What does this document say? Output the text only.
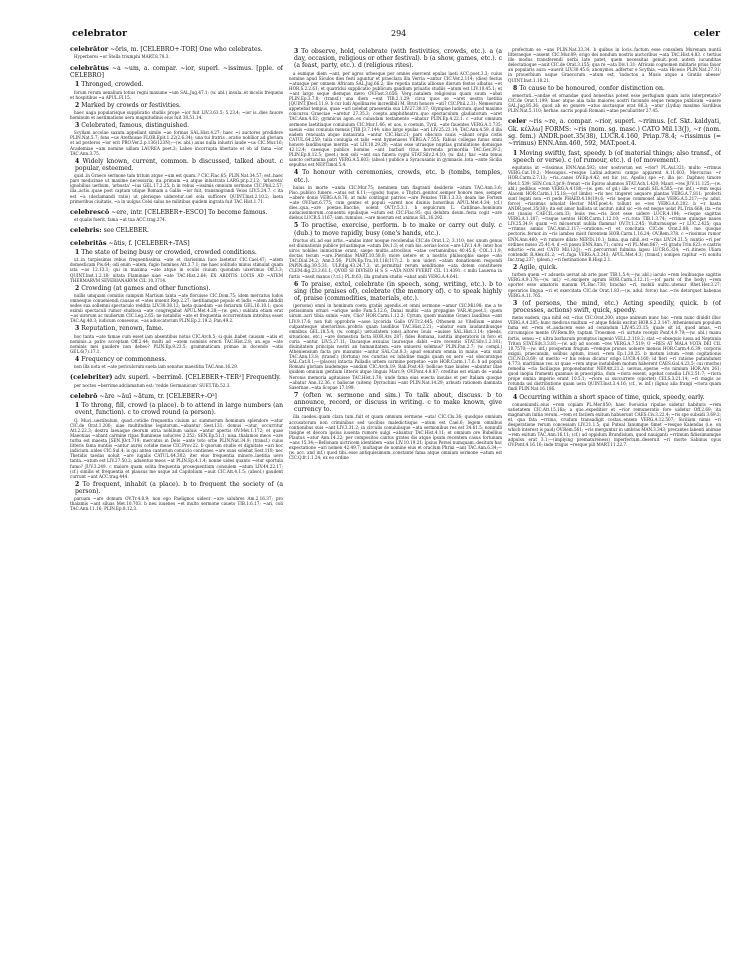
celebrator	294	celer

celebrātor ~ōris, m. [CELEBRO+-TOR] One who celebrates.

Hyperborei ~or Stella triumphi MART.8.78.3.

celebrātus ~a ~um, a. compar. ~ior, superl. ~issimus. [pple. of CELEBRO]

1 Thronged, crowded.

forum rerum uenalium totius regni maxume ~um SAL.Jug.47.1; (w. abl.) insula..et incolis frequens et hospitibus ~a APUL.Fl.15.

2 Marked by crowds or festivities.

haec uaga popularisque supplicatio studiis prope ~ior fuit LIV.3.63.5; 5.23.4; ~ior is..dies fauore hominum et aestimatione uera magnitudinis eius fuit 38.51.14.

3 Celebrated, famous, distinguished.

Scyllam accolae saxum..appellant simile ~ae formas SAL.Hist.4.27; haec ~i auctores prodidere PLIN.Nat.5.7; fons ~us Arethusae FLOR.Epit.1.22(2.6.34); una tui fratris ..oratio nobilior ad gloriam et ad posteros ~ior erit PRO.Ver.2.p.136(123N);—(w. abl.) auus nulla inlustri laude ~us CIC.Mur.16; Academiae ~am nomine uillam LAUREA poet.3; Labeo incorrupta libertate et ob id fama ~ior TAC.Ann.3.75.

4 Widely known, current, common. b discussed, talked about. c popular, esteemed.

quid..in Graeco sermone tam tritum atque ~um est quam..? CIC.Flac.65; PLIN.Nat.34.57; est..haec pars medicinae ut maxime necessaria, ita..primum ~a atque inlustrata LARG.pr.p.2,l.2; 'arboreta' ignobilius uerbum, 'arbusta' ~ius GEL.17.2.25. b in rebus ~issimis omnium sermone CIC.Phil.2.57; illa..actio..quae post captam utique Romam a Gallis ~ior fuit, transmigrandi Veios LIV.5.24.7. c ita est ~a (declamandi ratio) ut plerisque uideretur..uel sola sufficere QUINT.Inst.2.10.2; laeta primoribus ciuitatis, ~a in uulgus Celsi salus ne militibus quidem ingrata fuit TAC.Hist.1.71.

celebrescō ~ere, intr. [CELEBER+-ESCO] To become famous.

et qualis fuerit, fama ~at tua ACC.trag.274.

celebris: see CELEBER.

celebritās ~ātis, f. [CELEBER+-TAS]

1 The state of being busy or crowded, crowded conditions.

ut..in turpissimis rebus frequentissima ~ate et clarissima luce laetetur CIC.Cael.47; ~atem domesticam Pis.64; odi enim ~atem, fugio homines Att.3.7.1; me haec solitudo minus stimulat quam ista ~as 12.13.1; qui in maxima ~ate atque in oculis ciuium quondam uixerimus Off.3.3; QUINT.Inst.1.2.18; uitata Flaminiae uiae ~ate TAC.Hist.2.64; EX ABDITIS LOCIS AD ~ATEM THERMARVM SEVERIANARVM CIL 10.3714.

2 Crowding (at games and other functions).

nullis umquam comitiis campum Martium tanta ~ate floruisse CIC.Dom.75; idem mercatus ludos omnesque conueniendi causas et ~ates inuenit Rep.2.27; laetitiamque populo et ludis ~atem addidit sedes sua sollemni spectaculo reddita LIV.30.38.12; laeta quaedam ~as feriarum GEL.16.10.1; quos eximii spectaculi rumor studiosa ~ate congregabat APUL.Met.4.28;—(w. gen.) sublata etiam erat ~as uirorum ac mulierum CIC.Leg.2.65; ne notabilis ~ate et frequentia occurrentium introitus esset TAC.Ag.40.3; iudicum consessus, ~as aduocatorum PLIN.Ep.2.19.2; Pan.49.2.

3 Reputation, renown, fame.

hoc tanta ~ate famae cum esset iam absentibus notus CIC.Arch.5; si quis..habet causam ~atis et nominis..a patre acceptam Off.2.44; multi ad ~atem nominis erecti TAC.Hist.2.8; an..ego ~ate nominis mei gaudere non debeo? PLIN.Ep.9.23.5; grammaticum primae in docendo ~atis GEL.6(7).17.1.

4 Frequency or commonness.

non illa nota et ~ate periculorum sueta iam senatus maestitia TAC.Ann.16.29.

(celebriter) adv. superl. ~berrimē. [CELEBER+-TER²] Frequently.

per noctes ~berrime adclamatum est: 'redde Germanicum' SUET.Tib.52.3.

celebrō ~āre ~āuī ~ātum, tr. [CELEBER+-O²]

1 To throng, fill, crowd (a place). b to attend in large numbers (an event, function). c to crowd round (a person).

Q. Muci..uestibulum, quod..cotidie frequentia ciuium ac summorum hominum splendore ~atur CIC.de Orat.1.200; uiae multitudine legatorum..~abantur Sest.131; domus ~atur, occurritur Att.2.22.3; dextra laeuaque deorum atria nobilium ualuis ~antur apertis OV.Met.1.172; et quae Maeonias ~abant carmine ripas flumineae uolucres 2.252; SEN.Ep.51.1; nisa..thalamos meos ~are turba est maesta [SEN.]Oct.719; mercatus in Delo ~ante toto orbe PLIN.Nat.34.9; (transf.) cuius litteris fama nuntiis ~antur aures cotidie meae CIC.Prov.22. b quorum studio et dignitate ~ari hoc indicium..uides CIC.Sul.4; is qui antea cantorum conuicio contiones ~are suas solebat Sest.118; nec Thetidis taedas uoluit ~are iugalis CATUL.64.302; iter eius frequentia minore..laetitia uero tanta..~atum est LIV.27.50.2; aduentus meos ~at PLIN.Ep.4.1.4; nonne uides quanto ~etur sportula fumo? JUV.3.249. c maiore quam solita frequentia prosequentium consulem ~atum LIV.44.22.17; (cf.) similis et frequentia et plausus me usque ad Capitolium ~auit CIC.Att.4.1.5; (absol.) gaudent currunt ~ant ACC.trag.444.

2 To frequent, inhabit (a place). b to frequent the society of (a person).

paruam ~are domum OV.Tr.4.8.9; non ego Paelignos uideor ~are salubres Am.2.16.37; pro thalamis ~ant siluas Met.10.703. b neu iuuenes ~et multo sermone caueto TIB.1.6.17; ~ari, coli TAC.Ann.11.16; PLIN.Ep.8.12.3.

3 To observe, hold, celebrate (with festivities, crowds, etc.). a (a day, occasion, religious or other festival). b (a show, games, etc.). c (a feast, party, etc.). d (religious rites).

a eumque diem ~ant, per agros urbesque per omnes exercent epulas laeti ACC.poet.3.3; cuius nomine apud Siculos dies festi aguntur et praeclara illa Verria ~antur CIC.Ver.2.114; (dies) festus ~atusque per omnem Africam SAL.Jug.66.2; ille repotia natalis alliosue dierum festos albatus ~et HOR.S.2.2.61; et quatridui supplicatio publicum gaudium priuatis studiis ~atum est LIV.10.45.1; et ~ant largo seque diemque mero OV.Fast.3.656; Verg..natalem religiosius quam suum ~abat PLIN.Ep.3.7.8; (transf.) una diem ~ent TIB.2.1.29; circa quos se ~aret uestra laetitia [QUINT.]Decl.11.9. b cur ludi Apollinares incredibili M. Bruti honore ~ati? CIC.Phil.2.31; Nemeorum appetebat tempus, quae ~ari uolebat praesentia sua LIV.27.30.17; Olympiae ludicrum..quod maximo concursu Graeciae ~aretur 27.35.3; coepto..amphitheatro..quo spectaculum gladiatorum ~aret TAC.Ann.4.62; gymnicus agon..ex cuiusdam testamento ~abatur PLIN.Ep.4.22.1. c ~atur omnium sermone laetitiaque conuiuium CIC.Mur.1.66; et uos, o coetum, Tyrii, ~ate fauentes VERG.A.1.735; saeuis ~ans conuiuia mensis [TIB.]3.7.144; uino largo epulas ~ari LIV.25.23.14; TAC.Ann.4.59. d illa eadem renouata atque instaurata ~antur CIC.Har.21; pars obscura cauis ~abant orgia cistis CATUL.64.259; talia coniugia et talis ~ent hymenaeos VERG.A.7.555; Fabius collegae funus omni honore laudibusque meritis ~at LIV.10.29.20; ~atas esse utrasque nuptias gratulatione domisque 42.12.4; caesique publice homine ~ant barbari ritus horrenda primordia TAC.Ger.39.2; PLIN.Ep.8.12.5; (poet.) non soli ~ant sua funera cygni STAT.Silv.2.4.10; (w. dat.) hac ~ata tenus sancto certamina patri VERG.A.5.603; (absol.) publice a Syracusanis in gymnasio..tota ~ante Sicilia sepultus est NEP.Timol.5.4.

4 To honour with ceremonies, crowds, etc. b (tombs, temples, etc.).

huius in morte ~anda CIC.Mur.75; neminem tam flagranti desiderio ~atum TAC.Ann.3.6; Piso..publico funere..~atus est 6.11;—(gods) tuque, o Thybri..genitor..semper honore meo, semper ~abere donis VERG.A.8.76; at mihi contingat patrios ~are Penates TIB.1.3.33; deam lae Fortem ~ate OV.Fast.6.775; cum gentes et populi ~arent nos diuinis honoribus APUL.Met.4.34; (cf.) dies..qua..~are poetae..Bacche, solent OV.Tr.5.3.1. b sepulcrum L. Catilinae..hominum audacissimorum..conuentu epulisque ~atum est CIC.Flac.95; qui delubra deum..festa cogit ~are diebus LUCR.5.1167; iam..tumulos..~are moerum est animus SIL.16.292.

5 To practise, exercise, perform. b to make or carry out duly. c (dub.) to move rapidly, busy (one's hands, etc.).

fructus oti..ad eas artis..~andas inter nosque recolendas CIC.de Orat.1.2; 3.110; nec unum genus est diuinationis publice priuatimque ~atum Div.1.3; et cum his..serias locos ~are LIV.1.4.9; inter hos uiros nobiles inimicitiae erant, saepe multis..atrocibus ~atae certaminibus 40.45.6; COL.1.1.9; doctas tecum ~are..Pieridas MART.10.58.8; more uetere et a nostris philosophis saepe ~ato TAC.Dial.24.2; Ann.2.56; PLIN.Ep.Tra.10.116(117).2. b non uideri ~atam donationem respondi PAPIN.dig.39.5.31; ULP.dig.43.24.7.3; ut..permittat rerum uenditione ~ata dotem constituere CLEM.dig.23.3.61.1; QVOD SI DIVISIO H S S ~ATA NON FVERIT CIL 11.4391. c mihi Lauerna in furtis ~assit manus (?.r.l.) PL.fr.63; illa gradum studio ~abat anili VERG.A.4.641.

6 To praise, extol, celebrate (in speech, song, writing, etc.). b to sing (the praises of), celebrate (the memory of). c to speak highly of, praise (commodities, materials, etc.).

(persons) omni in hominum coetu gratiis agendis..et omni sermone ~amur CIC.Mil.98; me a te potissimum ornari ~arique uelle Fam.5.12.6; Danai multis ~ata propagine VAR.At.poet.1; quem uirum..acri tibia sumis ~are, Clio? HOR.Carm.1.12.2; Cyrum, quem maxime Graeci laudibus ~ant LIV.9.17.6; non fuit opprobrio ~asse Lycorida Gallo OV.Tr.2.445; Othonem ac Vitellium ~antes culpantesque uberioribus..probris quam laudibus TAC.Hist.2.21; ~abatur eum laudantibusque omnibus GEL.18.5.4; (w. compl.) uetustatem (ons)..altores Iouis ~auisse SAL.Hist.3.14; (deeds, situations, etc.) ~are domestica facta HOR.Ars 287; fides Romana, iustitia imperatoris in foro et curia ~antur LIV.5.27.11; Dacasque..exuuias laurosque dabit ~are recentis STAT.Silv.1.2.181; diuinitatem principis nostri an humanitatem..~are uniuersi solemus? PLIN.Pan.2.7; (w. compl.) Atheniensium facta pro maxumis ~antur SAL.Cat.8.3; apud senatum omnia in maius ~ata sunt TAC.Ann.13.8; (transf.) (fortuna) res cunctas ex lubidine magis quam ex uero ~at obscuratque SAL.Cat.8.1;—(places) intacta Palladis urbem carmine perpetuo ~are HOR.Carm.1.7.6. b ad populi Romani gloriam laudemque ~andam CIC.Arch.19; Rab.Post.43; bellicae tuae laudes ~abuntur illae quidem omnium gentium litteris atque linguis Marc.9; OV.Pont.4.8.87; creditus est etiam de ~anda Neronis memoria agitauisse TAC.Hist.1.78; unde fama eius euecta insulas et per Italiam quoque ~abatur Ann.12.36. c baliscae (uitem) Dyrrachini ~ant PLIN.Nat.14.29; arbusti rationem damnata Sasernae..~ata Scopae 17.199.

7 (often w. sermone and sim.) To talk about, discuss. b to announce, record, or discuss in writing. c to make known, give currency to.

illa caedes..quam clara tum..fuit et quam omnium sermone ~ata! CIC.Clu.36; quodque omnium accusatorum non criminibus sed uocibus maledictisque ~atum est Cael.6; legem omnibus contionibus suis ~ant LIV.3.31.2; in circulis conuiuiisque ~ata sermonibus res est 34.61.5; nonnulli insigne et decora ipsius iuuenta rumore uulgi ~abantur TAC.Hist.4.11; et omnium ore Rubellius Plautus ~atur Ann.14.22; per compositos cantus grates dis atque ipsam recentem casus fortunam ~ans 15.34;—Bellonam uictricem identidem ~ans LIV.10.19.21; ipsius Persei numquam..desitum hac expectatione ~ari nomen 42.49.7; multaque de nomine eius et oraclum Phrixi ~ant TAC.Ann.6.34;—(w. acc. and inf.) quod tibi..esse antiquissimum..constante fama atque omnium sermone ~atum est CIC.Q.fr.1.1.24; ex eo ordine

profectum se ~ans PLIN.Nat.33.34. b quibus in locis..factum esse consulem Murenam nuntii litteraeque ~assent CIC.Mur.89; origo dei nondum nostris auctoribus ~ata TAC.Hist.4.83. c tertius ille modus transferendi uerbi late patet, quem necessitas genuit..post autem iucunditas delectatioque ~auit CIC.de Orat.3.155; qua re ~ata Div.1.31; Africani cognomen militaris prius fauor an popularis aura ~auerit LIV.30.45.6; anonymos..adfertur e Scythia, ~ata Hicesio PLIN.Nat.27.31; in prouerbium usque Graecorum ~atum est, 'indoctos a Musis atque a Gratiis abesse' QUINT.Inst.1.10.21.

8 To cause to be honoured, confer distinction on.

senectuti..~andae et ornandae quod honestius potest esse perfugium quam iuris interpretatio? CIC.de Orat.1.199; haec atque alia talia maiores uostri faciundo seque remque publicam ~auere SAL.Jug.85.36; quod ab eo genere ~atus auctusque erat 86.3; ~atur (Lydia) maxime Sardibus PLIN.Nat.5.110; herbae..sacris populi Romani ~atae peculiariter 27.45.

celer ~ris ~re, a. compar. ~rior, superl. ~rrimus. [cf. Skt. kaldyati, Gk. κέλλω] FORMS: ~ris (nom. sg. masc.) CATO Mil.13(J), ~r (nom. sg. fem.) ANDR.poet.35(38), LUCR.4.160, Priap.78.4; ~rissimus (= ~rrimus) ENN.Ann.460, 592, MAT.poet.4.

1 Moving swiftly, fast, speedy. b (of material things; also transf., of speech or verse). c (of rumour, etc.). d (of movement).

equitatus ut ~rissimus ENN.Ann.592; uter uostrorum est ~rior? PL.Aul.321; multo ~rrimus VERG.Cat.10.2; Messapus..~resque Latini..aduersi campo apparent A.11.603; Mercurius ~r HOR.Carm.2.7.13; ~ris..canes OV.Ep.4.42; est hic (sc. Apollo) spe ~r, illa (sc. Daphne) timore Met.1.539; SEN.Con.3.pr.9; frenat ~ris Epiros alumnos STAT.Ach.1.420; Mauri ~res JUV.11.125;—(w. abl.) pedibus ~rem VERG.A.4.180;—(w. gen. of gd.) ille ~r nandi SIL.4.585;—(w. inf.) ~rem sequi Alacem HOR.Carm.1.15.18;—(of limbs) ~ris nec tingeret aequore plantas VERG.A.7.811; profecti sunt legati non ~ri pede PHAED.4.18(19).6; ~ris neque commouet alas VERG.A.5.217;—(w. adul. force) ~rissimus aduolat Hector MAT.poet.4; tollunt se ~res VERG.A.6.202. b ~r hasta ANDR.poet.35(38); ita est amor ballista ut iacitur: nihil sic ~re est neque uolat PL.Trin.668; ita ~ris est (nauis) CAECIL.com.33; leuis res..~ris licet esse uidere LUCR.4.184; ~risque sagittas VERG.A.1.187; ~risque uentos HOR.Carm.1.12.10; ~ri..rota TIB.1.3.74; ~rrimae quinque naues LIV.25.34.9; quam ~ri micuerunt nubila flamma! OV.Tr.1.2.45; Vulturnusque ~r LUC.2.425; qua ~rrimus amnis TAC.Ann.2.117;—oratione..~ri et concitata CIC.de Orat.2.88; me quoque pectoris..feruor..in ~ris iambos misit furentem HOR.Carm.1.16.24; OV.Rem.378. c ~rissimus rumor ENN.Ann.460; ~ri rumore dilato NEP.Di.10.1; fama..qua nihil..est ~rius LIV.24.21.5; nuntio ~ri per ordines misso 25.41.4. d ~ri passu ENN.Ann.71; cursu ~ri PL.Men.867; ~ri gradu Trin.623; e castris eductio ~ris..est CATO Mil.12(J); ~ri..percurrunt fulmina lapsu LUCR.6.324; ~ri..itinere Uliam contendit B.Alex.61.2; ~ri..fuga VERG.A.3.243; APUL.Met.4.3; (transf.) sonipes rapitur ~ri sonitu Inc.trag.237; (pleon.) ~ri festinatione B.Hisp.2.1.

2 Agile, quick.

turben quem ~r adsueta uersat ab arte puer TIB.1.5.4;—(w. abl.) iaculo ~rem leuibusque sagittis VERG.A.9.178;—(w. inf.) ~r..excipere aprum HOR.Carm.3.12.11;—(of parts of the body) ~rem oportet esse amatoris manum PL.Bac.738; brachio ~ri, mobili uultu..utemur Rhet.Her.3.27; operarios lingua ~ri et exercitata CIC.de Orat.1.83;—(w. adul. force) hac..~ris detorquet habenas VERG.A.11.765.

3 (of persons, the mind, etc.) Acting speedily, quick. b (of processes, actions) swift, quick, speedy.

mens eadem, qua nihil est ~rius CIC.Orat.200; atque animum nunc huc ~rem nunc diuidit illuc VERG.A.4.285; hunc medicus multum ~r atque fidelis excitat HOR.S.2.3.147; Atheniensium populum fama est ~rem et..audacem esse ad conandum LIV.45.23.15; quale sit id, quod amas, ~ri circumspice mente OV.Rem.89; raptam Troesmen ~ri uirtute recepit Pont.4.9.79;—(w. abl.) manu fortis, sensu ~r, ultra barbarum promptus ingenio VELL.2.118.2; stat ~r obsequio iussa ad Neptunia Triton STAT.Silv.3.3.81;—(w. ad) ad uocem ~res VERG.A.7.519; O ~RES AT MALA VOTA DEI CIL 10.7570;—(w. inf.) prosperam frugum ~remque pronos uoluere mensis HOR.Carm.4.6.39; corporis exigui, praecanum, solibus aptum, irasci ~rem Ep.1.20.25. b motum istum ~rem cogitationis CIC.N.D.3.69; ut merito ~r his rebus dicatur origo LUCR.4.160; id fieri ~ri ratione putandumst 4.773; maritimae res..ut quae ~rem atque instabilem motum haberent CAES.Gal.4.23.5; cui (morbo) remedia ~ria faciliaque proponebantur NEP.Att.21.2; uersus..operae ~ris nimium HOR.Ars 261; quod inopia frumenti quamuis in praecipitia, dum ~riora essent, agebat consilia LIV.2.51.7; ~riora prope omnia imperio erant 10.5.1; ~riore ui succurrere (oportet) CELS.3.21.14; ~ri magis ac rotunda usi distributione quam uera QUINT.Inst.3.4.16; (cf., w. inf.) (ligna) alia frangi ~riora quam findi PLIN.Nat.16.186.

4 Occurring within a short space of time, quick, speedy, early.

conueniundi..eius ~rem copiam PL.Mer.850; haec δυσωπία ripulae uidetur habitura ~rem satietatem CIC.Att.15.16a; a quo..expeditior et ~rior remuneratio fore uidetur Off.2.69; ita magnarum initia rerum..~rem et facilem exitum habuerunt CAES.Civ.3.22.4; ~ris spe subsidi 3.69.2; et, qua fata ~rrima, crudum transadigit costas..ensem VERG.A.12.507; Siciliam nimis ~ri desperatione rerum concessam LIV.21.1.5; qui Puteal Ianumque timet ~resque Kalendas (i.e. on which interest is paid) OV.Rem.561; ~ris merguntur in umbras MAN.3.343; precantes labenti animae ~rem exitum TAC.Ann.16.11; (cf.) ad oppidum Brundisium, quod nauiganti ~rrimum fidissimumque adpulsu erat 3.1;—(implying prematureness) inperfectum..deseruit ~ri morte Sabinus opus OV.Pont.4.16.16; inde tragus ~resque pili MART.11.22.7.
